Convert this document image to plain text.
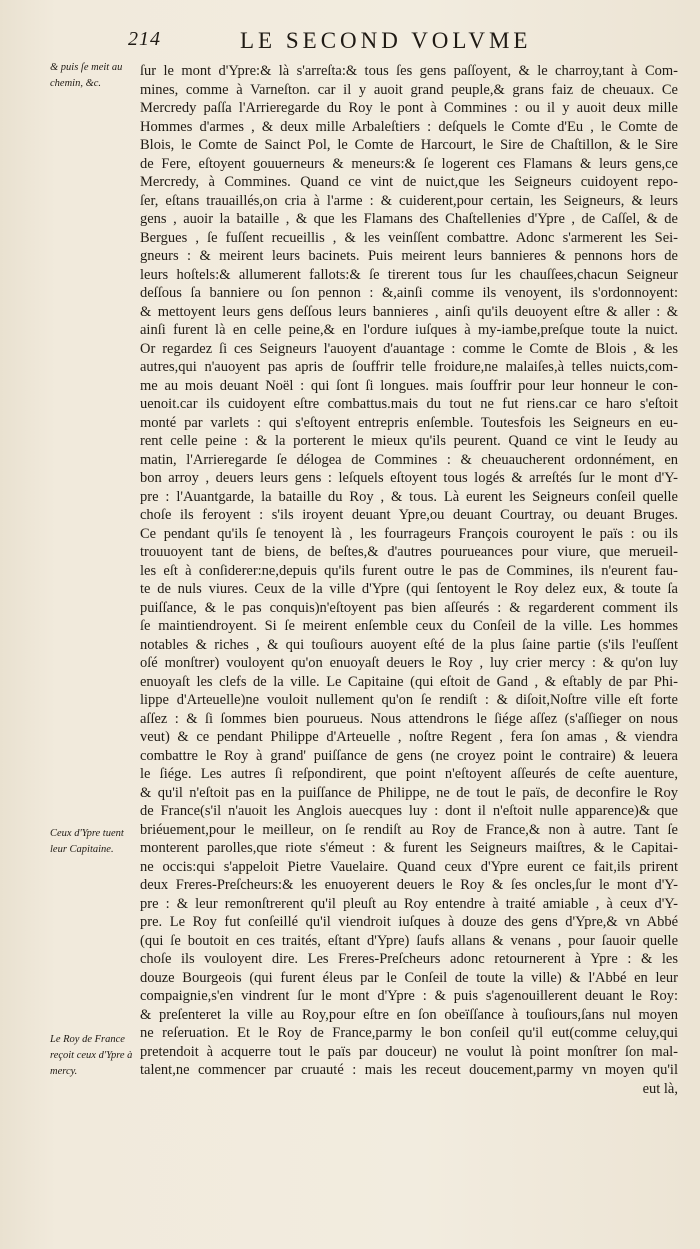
214	LE SECOND VOLVME
& puis ſe meit au chemin, &c.
Ceux d'Ypre tuent leur Capitaine.
Le Roy de France reçoit ceux d'Ypre à mercy.
ſur le mont d'Ypre:& là s'arreſta:& tous ſes gens paſſoyent, & le charroy,tant à Com-
mines, comme à Varneſton. car il y auoit grand peuple,& grans faiz de cheuaux. Ce
Mercredy paſſa l'Arrieregarde du Roy le pont à Commines : ou il y auoit deux mille
Hommes d'armes , & deux mille Arbaleſtiers : deſquels le Comte d'Eu , le Comte de
Blois, le Comte de Sainct Pol, le Comte de Harcourt, le Sire de Chaſtillon, & le Sire
de Fere, eſtoyent gouuerneurs & meneurs:& ſe logerent ces Flamans & leurs gens,ce
Mercredy, à Commines. Quand ce vint de nuict,que les Seigneurs cuidoyent repo-
ſer, eſtans trauaillés,on cria à l'arme : & cuiderent,pour certain, les Seigneurs, & leurs
gens , auoir la bataille , & que les Flamans des Chaſtellenies d'Ypre , de Caſſel, & de
Bergues , ſe fuſſent recueillis , & les veinſſent combattre. Adonc s'armerent les Sei-
gneurs : & meirent leurs bacinets. Puis meirent leurs bannieres & pennons hors de
leurs hoſtels:& allumerent fallots:& ſe tirerent tous ſur les chauſſees,chacun Seigneur
deſſous ſa banniere ou ſon pennon : &,ainſi comme ils venoyent, ils s'ordonnoyent:
& mettoyent leurs gens deſſous leurs bannieres , ainſi qu'ils deuoyent eſtre & aller : &
ainſi furent là en celle peine,& en l'ordure iuſques à my-iambe,preſque toute la nuict.
Or regardez ſi ces Seigneurs l'auoyent d'auantage : comme le Comte de Blois , & les
autres,qui n'auoyent pas apris de ſouffrir telle froidure,ne malaiſes,à telles nuicts,com-
me au mois deuant Noël : qui ſont ſi longues. mais ſouffrir pour leur honneur le con-
uenoit.car ils cuidoyent eſtre combattus.mais du tout ne fut riens.car ce haro s'eſtoit
monté par varlets : qui s'eſtoyent entrepris enſemble. Toutesfois les Seigneurs en eu-
rent celle peine : & la porterent le mieux qu'ils peurent. Quand ce vint le Ieudy au
matin, l'Arrieregarde ſe délogea de Commines : & cheuaucherent ordonnément, en
bon arroy , deuers leurs gens : leſquels eſtoyent tous logés & arreſtés ſur le mont d'Y-
pre : l'Auantgarde, la bataille du Roy , & tous. Là eurent les Seigneurs conſeil quelle
choſe ils feroyent : s'ils iroyent deuant Ypre,ou deuant Courtray, ou deuant Bruges.
Ce pendant qu'ils ſe tenoyent là , les fourrageurs François couroyent le païs : ou ils
trouuoyent tant de biens, de beſtes,& d'autres pourueances pour viure, que merueil-
les eſt à conſiderer:ne,depuis qu'ils furent outre le pas de Commines, ils n'eurent fau-
te de nuls viures. Ceux de la ville d'Ypre (qui ſentoyent le Roy delez eux, & toute ſa
puiſſance, & le pas conquis)n'eſtoyent pas bien aſſeurés : & regarderent comment ils
ſe maintiendroyent. Si ſe meirent enſemble ceux du Conſeil de la ville. Les hommes
notables & riches , & qui touſiours auoyent eſté de la plus ſaine partie (s'ils l'euſſent
oſé monſtrer) vouloyent qu'on enuoyaſt deuers le Roy , luy crier mercy : & qu'on luy
enuoyaſt les clefs de la ville. Le Capitaine (qui eſtoit de Gand , & eſtably de par Phi-
lippe d'Arteuelle)ne vouloit nullement qu'on ſe rendiſt : & diſoit,Noſtre ville eſt forte
aſſez : & ſi ſommes bien pourueus. Nous attendrons le ſiége aſſez (s'aſſieger on nous
veut) & ce pendant Philippe d'Arteuelle , noſtre Regent , fera ſon amas , & viendra
combattre le Roy à grand' puiſſance de gens (ne croyez point le contraire) & leuera
le ſiége. Les autres ſi reſpondirent, que point n'eſtoyent aſſeurés de ceſte auenture,
& qu'il n'eſtoit pas en la puiſſance de Philippe, ne de tout le païs, de deconfire le Roy
de France(s'il n'auoit les Anglois auecques luy : dont il n'eſtoit nulle apparence)& que
briéuement,pour le meilleur, on ſe rendiſt au Roy de France,& non à autre. Tant ſe
monterent parolles,que riote s'émeut : & furent les Seigneurs maiſtres, & le Capitai-
ne occis:qui s'appeloit Pietre Vauelaire. Quand ceux d'Ypre eurent ce fait,ils prirent
deux Freres-Preſcheurs:& les enuoyerent deuers le Roy & ſes oncles,ſur le mont d'Y-
pre : & leur remonſtrerent qu'il pleuſt au Roy entendre à traité amiable , à ceux d'Y-
pre. Le Roy fut conſeillé qu'il viendroit iuſques à douze des gens d'Ypre,& vn Abbé
(qui ſe boutoit en ces traités, eſtant d'Ypre) ſaufs allans & venans , pour ſauoir quelle
choſe ils vouloyent dire. Les Freres-Preſcheurs adonc retournerent à Ypre : & les
douze Bourgeois (qui furent éleus par le Conſeil de toute la ville) & l'Abbé en leur
compaignie,s'en vindrent ſur le mont d'Ypre : & puis s'agenouillerent deuant le Roy:
& preſenteret la ville au Roy,pour eſtre en ſon obeïſſance à touſiours,ſans nul moyen
ne reſeruation. Et le Roy de France,parmy le bon conſeil qu'il eut(comme celuy,qui
pretendoit à acquerre tout le païs par douceur) ne voulut là point monſtrer ſon mal-
talent,ne commencer par cruauté : mais les receut doucement,parmy vn moyen qu'il
eut là,
